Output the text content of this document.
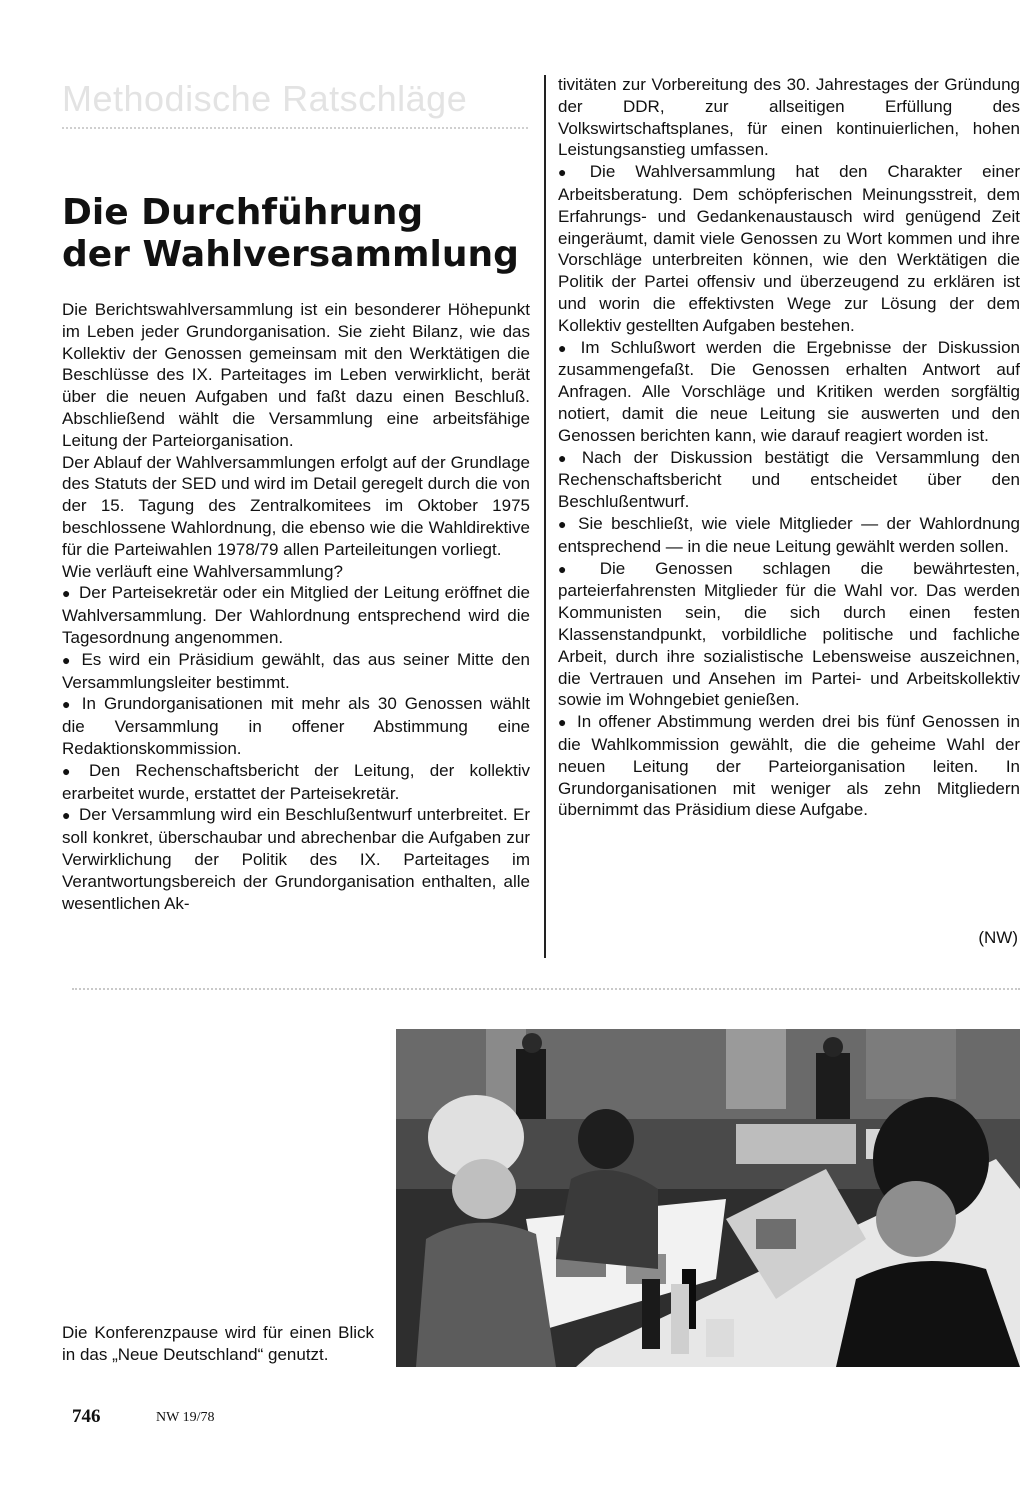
Methodische Ratschläge
Die Durchführung
der Wahlversammlung

Die Berichtswahlversammlung ist ein besonderer Höhepunkt im Leben jeder Grundorganisation. Sie zieht Bilanz, wie das Kollektiv der Genossen gemeinsam mit den Werktätigen die Beschlüsse des IX. Parteitages im Leben verwirklicht, berät über die neuen Aufgaben und faßt dazu einen Beschluß. Abschließend wählt die Versammlung eine arbeitsfähige Leitung der Parteiorganisation.

Der Ablauf der Wahlversammlungen erfolgt auf der Grundlage des Statuts der SED und wird im Detail geregelt durch die von der 15. Tagung des Zentralkomitees im Oktober 1975 beschlossene Wahlordnung, die ebenso wie die Wahldirektive für die Parteiwahlen 1978/79 allen Parteileitungen vorliegt.

Wie verläuft eine Wahlversammlung?

● Der Parteisekretär oder ein Mitglied der Leitung eröffnet die Wahlversammlung. Der Wahlordnung entsprechend wird die Tagesordnung angenommen.

● Es wird ein Präsidium gewählt, das aus seiner Mitte den Versammlungsleiter bestimmt.

● In Grundorganisationen mit mehr als 30 Genossen wählt die Versammlung in offener Abstimmung eine Redaktionskommission.

● Den Rechenschaftsbericht der Leitung, der kollektiv erarbeitet wurde, erstattet der Parteisekretär.

● Der Versammlung wird ein Beschlußentwurf unterbreitet. Er soll konkret, überschaubar und abrechenbar die Aufgaben zur Verwirklichung der Politik des IX. Parteitages im Verantwortungsbereich der Grundorganisation enthalten, alle wesentlichen Ak-

tivitäten zur Vorbereitung des 30. Jahrestages der Gründung der DDR, zur allseitigen Erfüllung des Volkswirtschaftsplanes, für einen kontinuierlichen, hohen Leistungsanstieg umfassen.

● Die Wahlversammlung hat den Charakter einer Arbeitsberatung. Dem schöpferischen Meinungsstreit, dem Erfahrungs- und Gedankenaustausch wird genügend Zeit eingeräumt, damit viele Genossen zu Wort kommen und ihre Vorschläge unterbreiten können, wie den Werktätigen die Politik der Partei offensiv und überzeugend zu erklären ist und worin die effektivsten Wege zur Lösung der dem Kollektiv gestellten Aufgaben bestehen.

● Im Schlußwort werden die Ergebnisse der Diskussion zusammengefaßt. Die Genossen erhalten Antwort auf Anfragen. Alle Vorschläge und Kritiken werden sorgfältig notiert, damit die neue Leitung sie auswerten und den Genossen berichten kann, wie darauf reagiert worden ist.

● Nach der Diskussion bestätigt die Versammlung den Rechenschaftsbericht und entscheidet über den Beschlußentwurf.

● Sie beschließt, wie viele Mitglieder — der Wahlordnung entsprechend — in die neue Leitung gewählt werden sollen.

● Die Genossen schlagen die bewährtesten, parteierfahrensten Mitglieder für die Wahl vor. Das werden Kommunisten sein, die sich durch einen festen Klassenstandpunkt, vorbildliche politische und fachliche Arbeit, durch ihre sozialistische Lebensweise auszeichnen, die Vertrauen und Ansehen im Partei- und Arbeitskollektiv sowie im Wohngebiet genießen.

● In offener Abstimmung werden drei bis fünf Genossen in die Wahlkommission gewählt, die die geheime Wahl der neuen Leitung der Parteiorganisation leiten. In Grundorganisationen mit weniger als zehn Mitgliedern übernimmt das Präsidium diese Aufgabe.

(NW)
Die Konferenzpause wird für einen Blick in das „Neue Deutschland“ genutzt.
746	NW 19/78
